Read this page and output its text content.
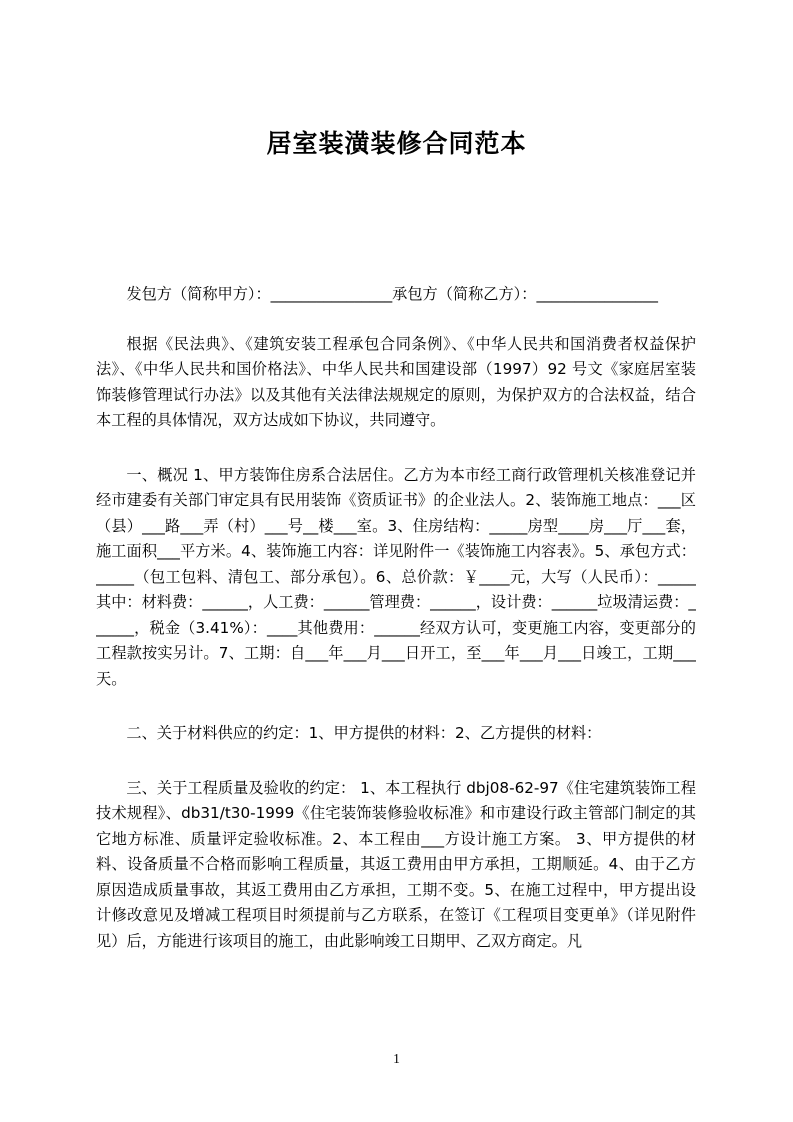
居室装潢装修合同范本

发包方（简称甲方）：________________承包方（简称乙方）：________________

根据《民法典》、《建筑安装工程承包合同条例》、《中华人民共和国消费者权益保护法》、《中华人民共和国价格法》、中华人民共和国建设部（1997）92 号文《家庭居室装饰装修管理试行办法》以及其他有关法律法规规定的原则，为保护双方的合法权益，结合本工程的具体情况，双方达成如下协议，共同遵守。

一、概况 1、甲方装饰住房系合法居住。乙方为本市经工商行政管理机关核准登记并经市建委有关部门审定具有民用装饰《资质证书》的企业法人。2、装饰施工地点：___区（县）___路___弄（村）___号__楼___室。3、住房结构：_____房型____房___厅___套，施工面积___平方米。4、装饰施工内容：详见附件一《装饰施工内容表》。5、承包方式：_____（包工包料、清包工、部分承包）。6、总价款：￥____元，大写（人民币）：_____其中：材料费：______，人工费：______管理费：______，设计费：______垃圾清运费：______，税金（3.41%）：____其他费用：______经双方认可，变更施工内容，变更部分的工程款按实另计。7、工期：自___年___月___日开工，至___年___月___日竣工，工期___天。

二、关于材料供应的约定：1、甲方提供的材料：2、乙方提供的材料：

三、关于工程质量及验收的约定： 1、本工程执行 dbj08-62-97《住宅建筑装饰工程技术规程》、db31/t30-1999《住宅装饰装修验收标准》和市建设行政主管部门制定的其它地方标准、质量评定验收标准。2、本工程由___方设计施工方案。 3、甲方提供的材料、设备质量不合格而影响工程质量，其返工费用由甲方承担，工期顺延。4、由于乙方原因造成质量事故，其返工费用由乙方承担，工期不变。5、在施工过程中，甲方提出设计修改意见及增减工程项目时须提前与乙方联系，在签订《工程项目变更单》（详见附件见）后，方能进行该项目的施工，由此影响竣工日期甲、乙双方商定。凡

1
